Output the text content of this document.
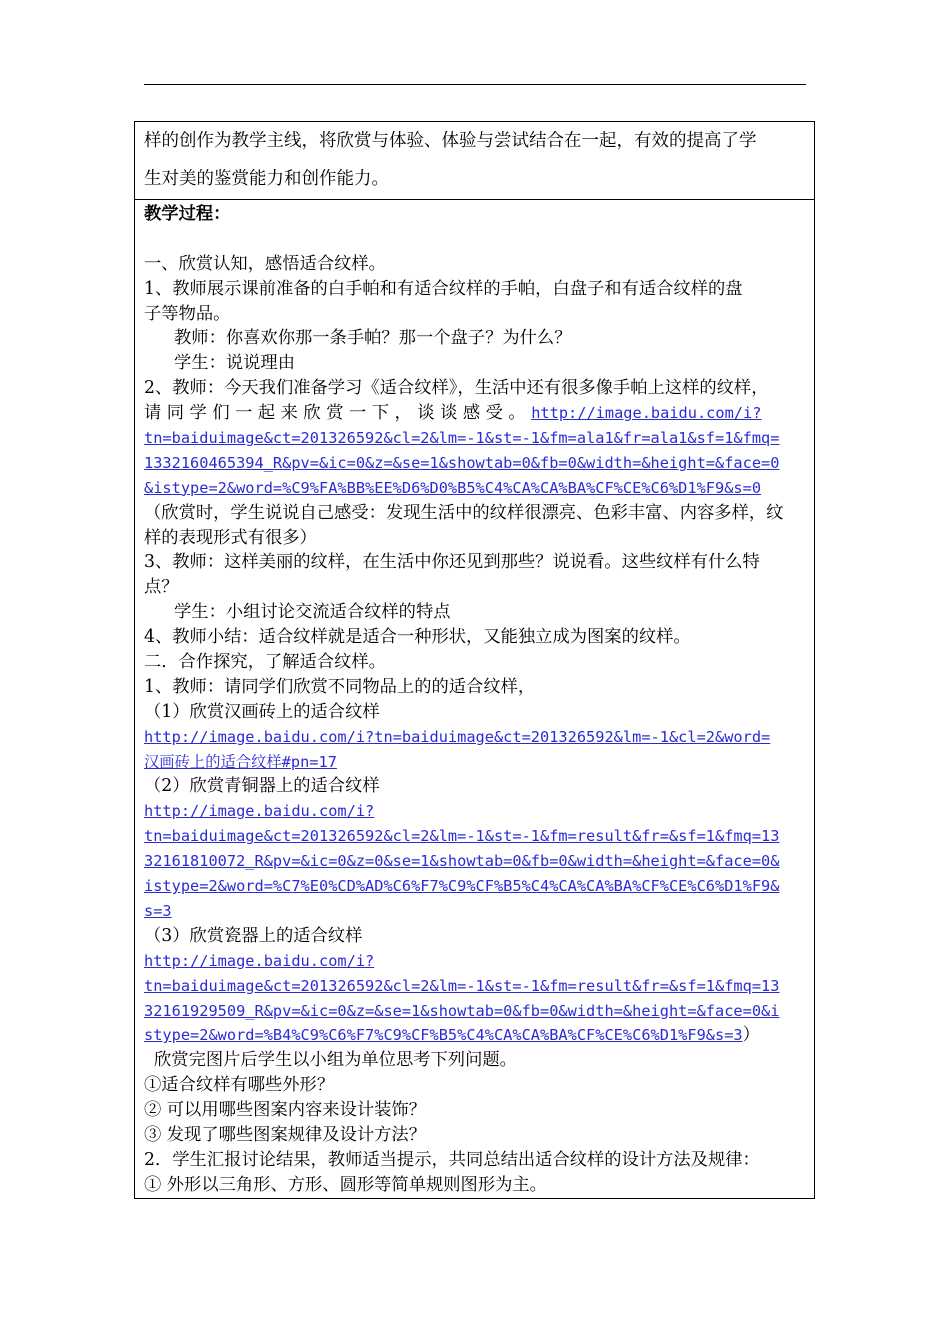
样的创作为教学主线，将欣赏与体验、体验与尝试结合在一起，有效的提高了学
生对美的鉴赏能力和创作能力。

教学过程：
一、欣赏认知，感悟适合纹样。
1、教师展示课前准备的白手帕和有适合纹样的手帕，白盘子和有适合纹样的盘
子等物品。
教师：你喜欢你那一条手帕？那一个盘子？为什么？
学生：说说理由
2、教师：今天我们准备学习《适合纹样》，生活中还有很多像手帕上这样的纹样，
请 同 学 们 一 起 来 欣 赏 一 下 ， 谈 谈 感 受 。 http://image.baidu.com/i?
tn=baiduimage&ct=201326592&cl=2&lm=-1&st=-1&fm=ala1&fr=ala1&sf=1&fmq=
1332160465394_R&pv=&ic=0&z=&se=1&showtab=0&fb=0&width=&height=&face=0
&istype=2&word=%C9%FA%BB%EE%D6%D0%B5%C4%CA%CA%BA%CF%CE%C6%D1%F9&s=0
（欣赏时，学生说说自己感受：发现生活中的纹样很漂亮、色彩丰富、内容多样，纹
样的表现形式有很多）
3、教师：这样美丽的纹样，在生活中你还见到那些？说说看。这些纹样有什么特
点？
学生：小组讨论交流适合纹样的特点
4、教师小结：适合纹样就是适合一种形状，又能独立成为图案的纹样。
二．合作探究，了解适合纹样。
1、教师：请同学们欣赏不同物品上的的适合纹样，
（1）欣赏汉画砖上的适合纹样
http://image.baidu.com/i?tn=baiduimage&ct=201326592&lm=-1&cl=2&word=
汉画砖上的适合纹样#pn=17
（2）欣赏青铜器上的适合纹样
http://image.baidu.com/i?
tn=baiduimage&ct=201326592&cl=2&lm=-1&st=-1&fm=result&fr=&sf=1&fmq=13
32161810072_R&pv=&ic=0&z=0&se=1&showtab=0&fb=0&width=&height=&face=0&
istype=2&word=%C7%E0%CD%AD%C6%F7%C9%CF%B5%C4%CA%CA%BA%CF%CE%C6%D1%F9&
s=3
（3）欣赏瓷器上的适合纹样
http://image.baidu.com/i?
tn=baiduimage&ct=201326592&cl=2&lm=-1&st=-1&fm=result&fr=&sf=1&fmq=13
32161929509_R&pv=&ic=0&z=&se=1&showtab=0&fb=0&width=&height=&face=0&i
stype=2&word=%B4%C9%C6%F7%C9%CF%B5%C4%CA%CA%BA%CF%CE%C6%D1%F9&s=3）
欣赏完图片后学生以小组为单位思考下列问题。
①适合纹样有哪些外形？
② 可以用哪些图案内容来设计装饰？
③ 发现了哪些图案规律及设计方法？
2．学生汇报讨论结果，教师适当提示，共同总结出适合纹样的设计方法及规律：
① 外形以三角形、方形、圆形等简单规则图形为主。
